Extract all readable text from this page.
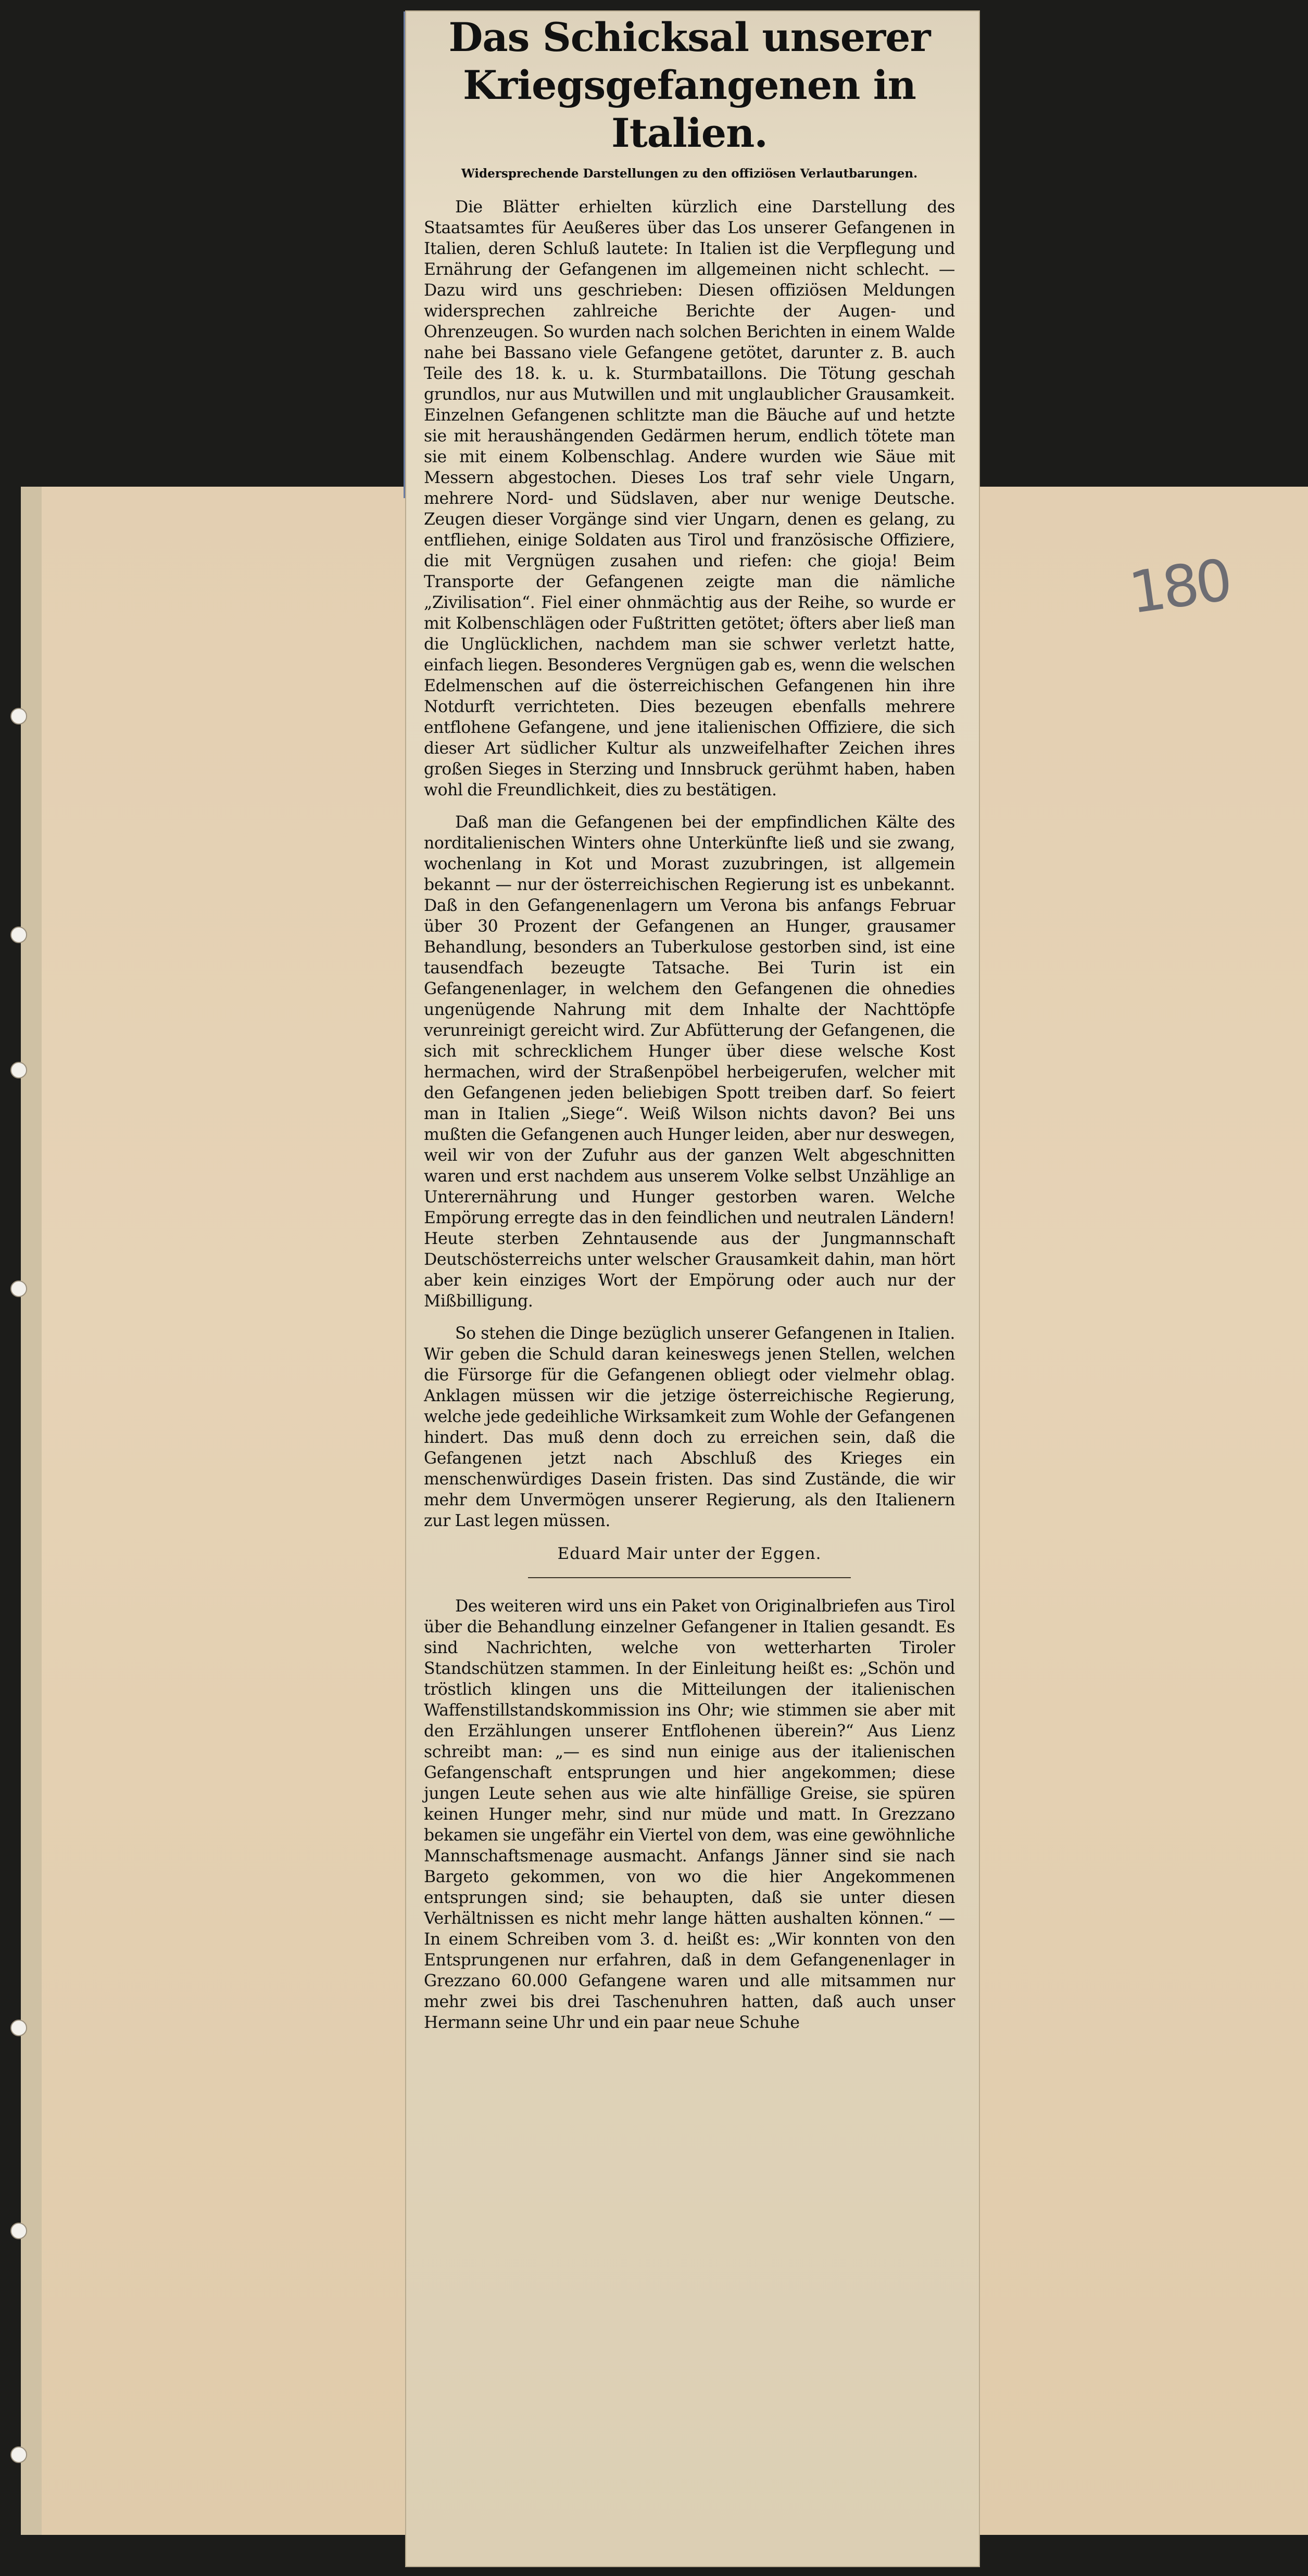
180
Das Schicksal unserer Kriegsgefangenen in Italien.
Widersprechende Darstellungen zu den offiziösen Verlautbarungen.

Die Blätter erhielten kürzlich eine Darstellung des Staatsamtes für Aeußeres über das Los unserer Gefangenen in Italien, deren Schluß lautete: In Italien ist die Verpflegung und Ernährung der Gefangenen im allgemeinen nicht schlecht. — Dazu wird uns geschrieben: Diesen offiziösen Meldungen widersprechen zahlreiche Berichte der Augen- und Ohrenzeugen. So wurden nach solchen Berichten in einem Walde nahe bei Bassano viele Gefangene getötet, darunter z. B. auch Teile des 18. k. u. k. Sturmbataillons. Die Tötung geschah grundlos, nur aus Mutwillen und mit unglaublicher Grausamkeit. Einzelnen Gefangenen schlitzte man die Bäuche auf und hetzte sie mit heraushängenden Gedärmen herum, endlich tötete man sie mit einem Kolbenschlag. Andere wurden wie Säue mit Messern abgestochen. Dieses Los traf sehr viele Ungarn, mehrere Nord- und Südslaven, aber nur wenige Deutsche. Zeugen dieser Vorgänge sind vier Ungarn, denen es gelang, zu entfliehen, einige Soldaten aus Tirol und französische Offiziere, die mit Vergnügen zusahen und riefen: che gioja! Beim Transporte der Gefangenen zeigte man die nämliche „Zivilisation“. Fiel einer ohnmächtig aus der Reihe, so wurde er mit Kolbenschlägen oder Fußtritten getötet; öfters aber ließ man die Unglücklichen, nachdem man sie schwer verletzt hatte, einfach liegen. Besonderes Vergnügen gab es, wenn die welschen Edelmenschen auf die österreichischen Gefangenen hin ihre Notdurft verrichteten. Dies bezeugen ebenfalls mehrere entflohene Gefangene, und jene italienischen Offiziere, die sich dieser Art südlicher Kultur als unzweifelhafter Zeichen ihres großen Sieges in Sterzing und Innsbruck gerühmt haben, haben wohl die Freundlichkeit, dies zu bestätigen.

Daß man die Gefangenen bei der empfindlichen Kälte des norditalienischen Winters ohne Unterkünfte ließ und sie zwang, wochenlang in Kot und Morast zuzubringen, ist allgemein bekannt — nur der österreichischen Regierung ist es unbekannt. Daß in den Gefangenenlagern um Verona bis anfangs Februar über 30 Prozent der Gefangenen an Hunger, grausamer Behandlung, besonders an Tuberkulose gestorben sind, ist eine tausendfach bezeugte Tatsache. Bei Turin ist ein Gefangenenlager, in welchem den Gefangenen die ohnedies ungenügende Nahrung mit dem Inhalte der Nachttöpfe verunreinigt gereicht wird. Zur Abfütterung der Gefangenen, die sich mit schrecklichem Hunger über diese welsche Kost hermachen, wird der Straßenpöbel herbeigerufen, welcher mit den Gefangenen jeden beliebigen Spott treiben darf. So feiert man in Italien „Siege“. Weiß Wilson nichts davon? Bei uns mußten die Gefangenen auch Hunger leiden, aber nur deswegen, weil wir von der Zufuhr aus der ganzen Welt abgeschnitten waren und erst nachdem aus unserem Volke selbst Unzählige an Unterernährung und Hunger gestorben waren. Welche Empörung erregte das in den feindlichen und neutralen Ländern! Heute sterben Zehntausende aus der Jungmannschaft Deutschösterreichs unter welscher Grausamkeit dahin, man hört aber kein einziges Wort der Empörung oder auch nur der Mißbilligung.

So stehen die Dinge bezüglich unserer Gefangenen in Italien. Wir geben die Schuld daran keineswegs jenen Stellen, welchen die Fürsorge für die Gefangenen obliegt oder vielmehr oblag. Anklagen müssen wir die jetzige österreichische Regierung, welche jede gedeihliche Wirksamkeit zum Wohle der Gefangenen hindert. Das muß denn doch zu erreichen sein, daß die Gefangenen jetzt nach Abschluß des Krieges ein menschenwürdiges Dasein fristen. Das sind Zustände, die wir mehr dem Unvermögen unserer Regierung, als den Italienern zur Last legen müssen.

Eduard Mair unter der Eggen.

Des weiteren wird uns ein Paket von Originalbriefen aus Tirol über die Behandlung einzelner Gefangener in Italien gesandt. Es sind Nachrichten, welche von wetterharten Tiroler Standschützen stammen. In der Einleitung heißt es: „Schön und tröstlich klingen uns die Mitteilungen der italienischen Waffenstillstandskommission ins Ohr; wie stimmen sie aber mit den Erzählungen unserer Entflohenen überein?“ Aus Lienz schreibt man: „— es sind nun einige aus der italienischen Gefangenschaft entsprungen und hier angekommen; diese jungen Leute sehen aus wie alte hinfällige Greise, sie spüren keinen Hunger mehr, sind nur müde und matt. In Grezzano bekamen sie ungefähr ein Viertel von dem, was eine gewöhnliche Mannschaftsmenage ausmacht. Anfangs Jänner sind sie nach Bargeto gekommen, von wo die hier Angekommenen entsprungen sind; sie behaupten, daß sie unter diesen Verhältnissen es nicht mehr lange hätten aushalten können.“ — In einem Schreiben vom 3. d. heißt es: „Wir konnten von den Entsprungenen nur erfahren, daß in dem Gefangenenlager in Grezzano 60.000 Gefangene waren und alle mitsammen nur mehr zwei bis drei Taschenuhren hatten, daß auch unser Hermann seine Uhr und ein paar neue Schuhe
